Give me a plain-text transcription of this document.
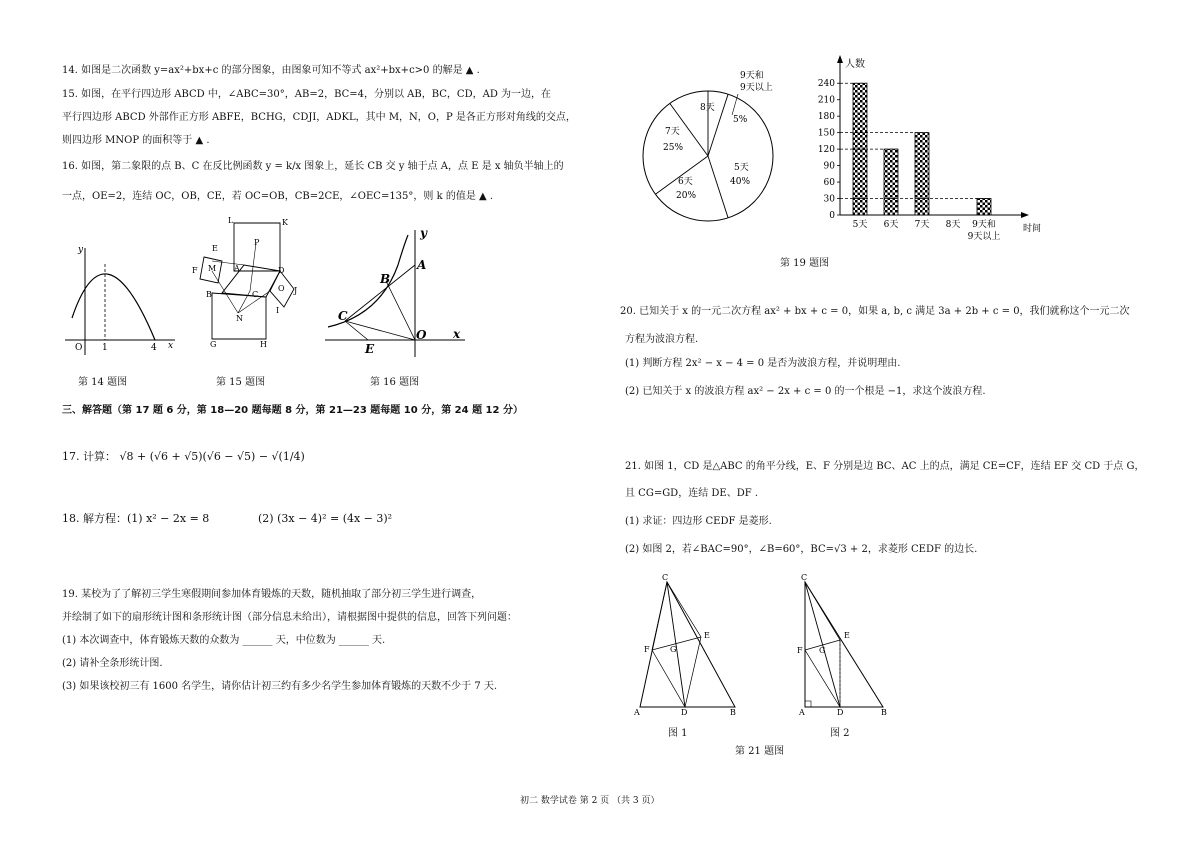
14. 如图是二次函数 y=ax²+bx+c 的部分图象，由图象可知不等式 ax²+bx+c>0 的解是 ▲ .
15. 如图，在平行四边形 ABCD 中，∠ABC=30°，AB=2，BC=4，分别以 AB，BC，CD，AD 为一边，在
平行四边形 ABCD 外部作正方形 ABFE，BCHG，CDJI，ADKL，其中 M，N，O，P 是各正方形对角线的交点，
则四边形 MNOP 的面积等于 ▲ .
16. 如图，第二象限的点 B、C 在反比例函数 y = k/x 图象上，延长 CB 交 y 轴于点 A，点 E 是 x 轴负半轴上的
一点，OE=2，连结 OC，OB，CE，若 OC=OB，CB=2CE，∠OEC=135°，则 k 的值是 ▲ .
y
x
O 1	4
第 14 题图
L	K
E
P
F M A	D
B	C
O J
N
I
G	H
第 15 题图
y
x
A
B
C
O
E
第 16 题图
三、解答题（第 17 题 6 分，第 18—20 题每题 8 分，第 21—23 题每题 10 分，第 24 题 12 分）
17. 计算： √8 + (√6 + √5)(√6 − √5) − √(1/4)
18. 解方程：(1) x² − 2x = 8	(2) (3x − 4)² = (4x − 3)²
19. 某校为了了解初三学生寒假期间参加体育锻炼的天数，随机抽取了部分初三学生进行调查，
并绘制了如下的扇形统计图和条形统计图（部分信息未给出），请根据图中提供的信息，回答下列问题：
(1) 本次调查中，体育锻炼天数的众数为 ______ 天，中位数为 ______ 天.
(2) 请补全条形统计图.
(3) 如果该校初三有 1600 名学生，请你估计初三约有多少名学生参加体育锻炼的天数不少于 7 天.
8天
9天和
9天以上
5%
7天
25%
6天
20%
5天
40%
人数
时间
0
30
60
90
120
150
180
210
240
5天 6天 7天 8天 9天和
9天以上
第 19 题图
20. 已知关于 x 的一元二次方程 ax² + bx + c = 0，如果 a, b, c 满足 3a + 2b + c = 0，我们就称这个一元二次
方程为波浪方程.
(1) 判断方程 2x² − x − 4 = 0 是否为波浪方程，并说明理由.
(2) 已知关于 x 的波浪方程 ax² − 2x + c = 0 的一个根是 −1，求这个波浪方程.
21. 如图 1，CD 是△ABC 的角平分线，E、F 分别是边 BC、AC 上的点，满足 CE=CF，连结 EF 交 CD 于点 G，
且 CG=GD，连结 DE、DF .
(1) 求证：四边形 CEDF 是菱形.
(2) 如图 2，若∠BAC=90°，∠B=60°，BC=√3 + 2，求菱形 CEDF 的边长.
C
E
F	G
A	D	B
图 1
C
E
F G
A	D	B
图 2
第 21 题图
初二 数学试卷 第 2 页 （共 3 页）
